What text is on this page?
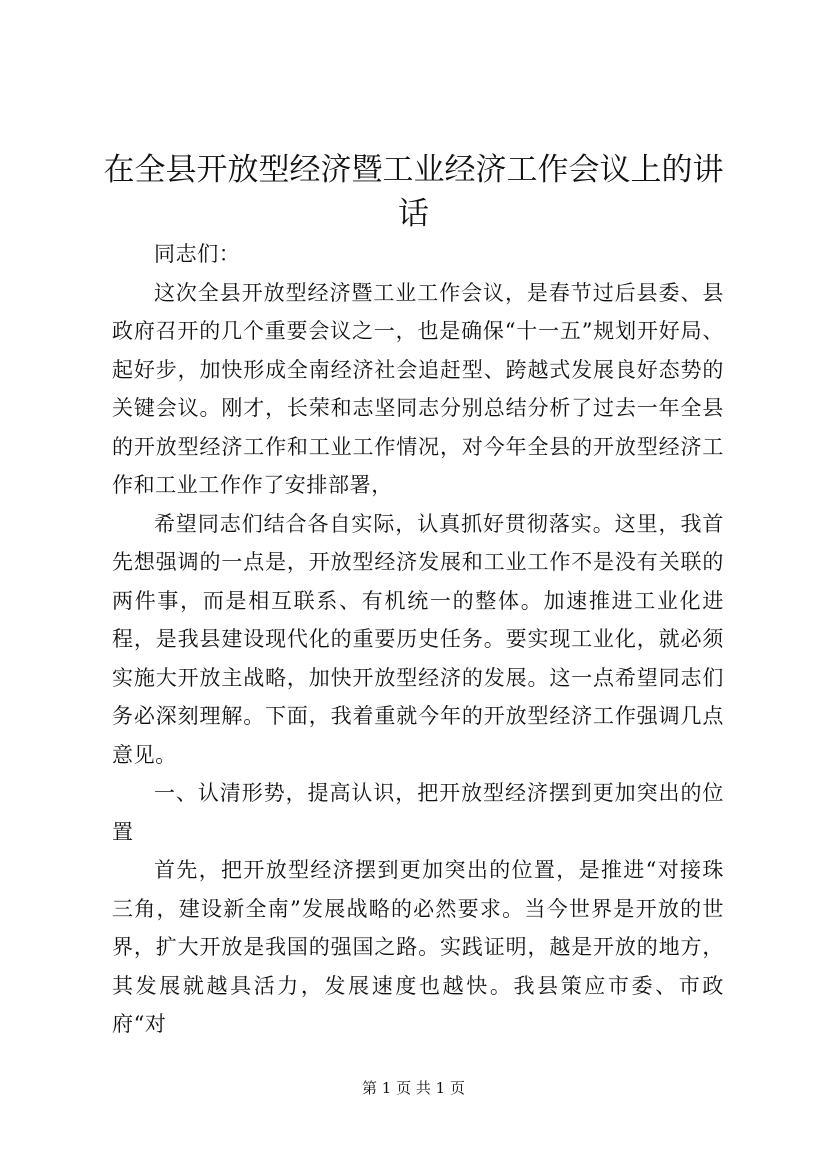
在全县开放型经济暨工业经济工作会议上的讲话

同志们：

这次全县开放型经济暨工业工作会议，是春节过后县委、县政府召开的几个重要会议之一，也是确保“十一五”规划开好局、起好步，加快形成全南经济社会追赶型、跨越式发展良好态势的关键会议。刚才，长荣和志坚同志分别总结分析了过去一年全县的开放型经济工作和工业工作情况，对今年全县的开放型经济工作和工业工作作了安排部署，

希望同志们结合各自实际，认真抓好贯彻落实。这里，我首先想强调的一点是，开放型经济发展和工业工作不是没有关联的两件事，而是相互联系、有机统一的整体。加速推进工业化进程，是我县建设现代化的重要历史任务。要实现工业化，就必须实施大开放主战略，加快开放型经济的发展。这一点希望同志们务必深刻理解。下面，我着重就今年的开放型经济工作强调几点意见。

一、认清形势，提高认识，把开放型经济摆到更加突出的位置

首先，把开放型经济摆到更加突出的位置，是推进“对接珠三角，建设新全南”发展战略的必然要求。当今世界是开放的世界，扩大开放是我国的强国之路。实践证明，越是开放的地方，其发展就越具活力，发展速度也越快。我县策应市委、市政府“对

第 1 页 共 1 页
